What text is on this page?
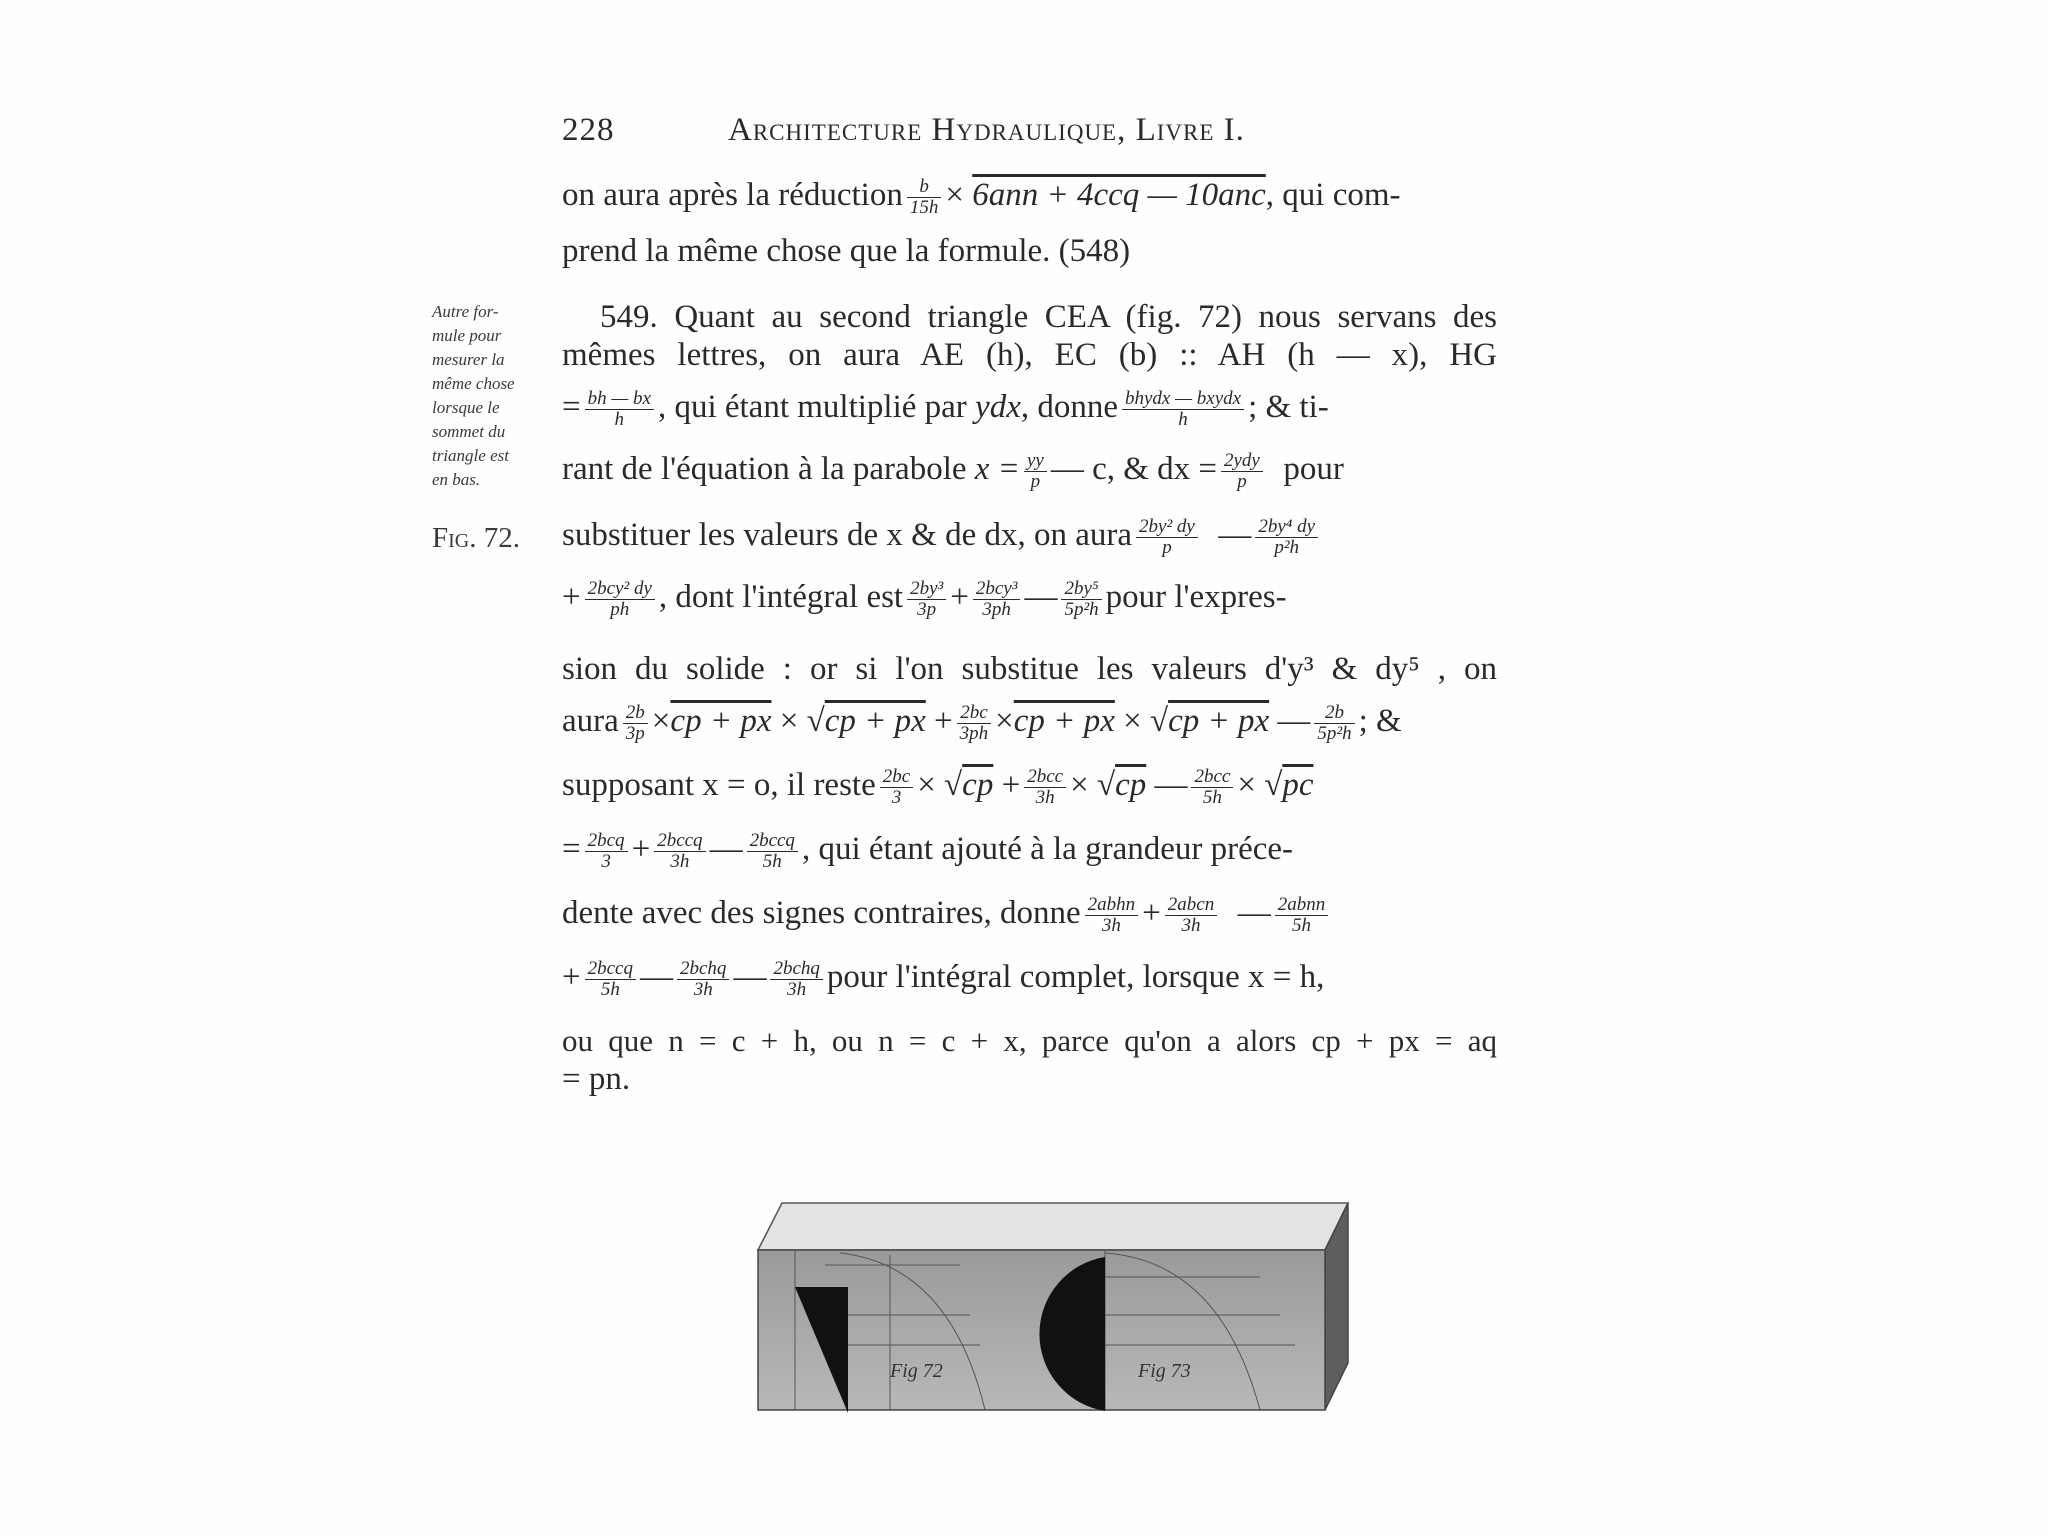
228	Architecture Hydraulique, Livre I.
Autre for-
mule pour
mesurer la
même chose
lorsque le
sommet du
triangle est
en bas.
Fig. 72.
on aura après la réduction $\frac{b}{15h} \times 6ann + 4ccq$ — 10anc, qui com-
prend la même chose que la formule. (548)
549. Quant au second triangle CEA (fig. 72) nous servans des
mêmes lettres, on aura AE (h), EC (b) :: AH (h — x), HG
= $\frac{bh — bx}{h}$ , qui étant multiplié par ydx, donne $\frac{\text{bhydx — bxydx}}{h}$ ; & ti-
rant de l'équation à la parabole $x = \frac{yy}{p}$ — c, & dx = $\frac{\text{2ydy}}{p}$ pour
substituer les valeurs de x & de dx, on aura $\frac{\text{2by² dy}}{p}$ — $\frac{\text{2by⁴ dy}}{\text{p²h}}$
+ $\frac{\text{2bcy² dy}}{ph}$ , dont l'intégral est $\frac{\text{2by³}}{3p} + \frac{\text{2bcy³}}{3ph}$ — $\frac{\text{2by⁵}}{\text{5p²h}}$ pour l'expres-
sion du solide : or si l'on substitue les valeurs d'y³ & dy⁵ , on
aura $\frac{2b}{3p} \times cp$ + px × √cp + px + $\frac{2bc}{3ph} \times cp$ + px × √cp + px — $\frac{2b}{\text{5p²h}}$ ; &
supposant x = o, il reste $\frac{2bc}{3} \times √cp + \frac{\text{2bcc}}{3h} \times √cp$ — $\frac{\text{2bcc}}{5h} \times √pc$
= $\frac{\text{2bcq}}{3} + \frac{\text{2bccq}}{3h}$ — $\frac{\text{2bccq}}{5h}$ , qui étant ajouté à la grandeur préce-
dente avec des signes contraires, donne $\frac{\text{2abhn}}{3h} + \frac{\text{2abcn}}{3h}$ — $\frac{\text{2abnn}}{5h}$
+ $\frac{\text{2bccq}}{5h}$ — $\frac{\text{2bchq}}{3h}$ — $\frac{\text{2bchq}}{3h}$ pour l'intégral complet, lorsque x = h,
ou que n = c + h, ou n = c + x, parce qu'on a alors cp + px = aq
= pn.
Fig 72	Fig 73
